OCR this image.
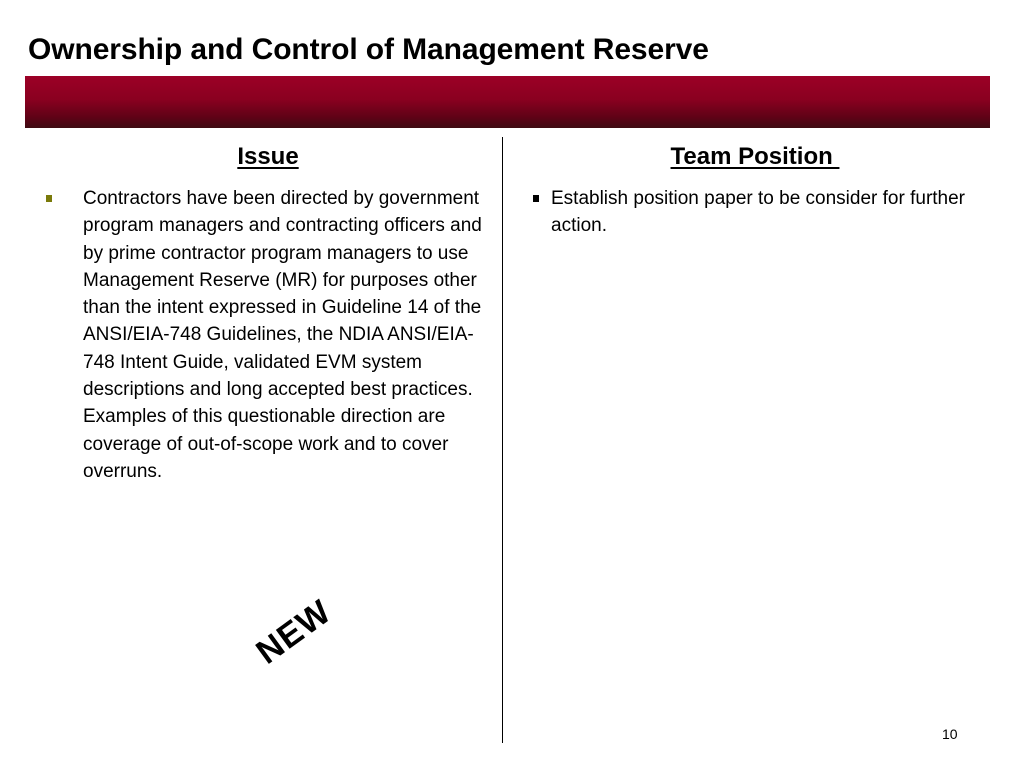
Ownership and Control of Management Reserve
Issue
Contractors have been directed by government program managers and contracting officers and by prime contractor program managers to use Management Reserve (MR) for purposes other than the intent expressed in Guideline 14 of the ANSI/EIA-748 Guidelines, the NDIA ANSI/EIA-748 Intent Guide, validated EVM system descriptions and long accepted best practices. Examples of this questionable direction are coverage of out-of-scope work and to cover overruns.
NEW
Team Position
Establish position paper to be consider for further action.
10
